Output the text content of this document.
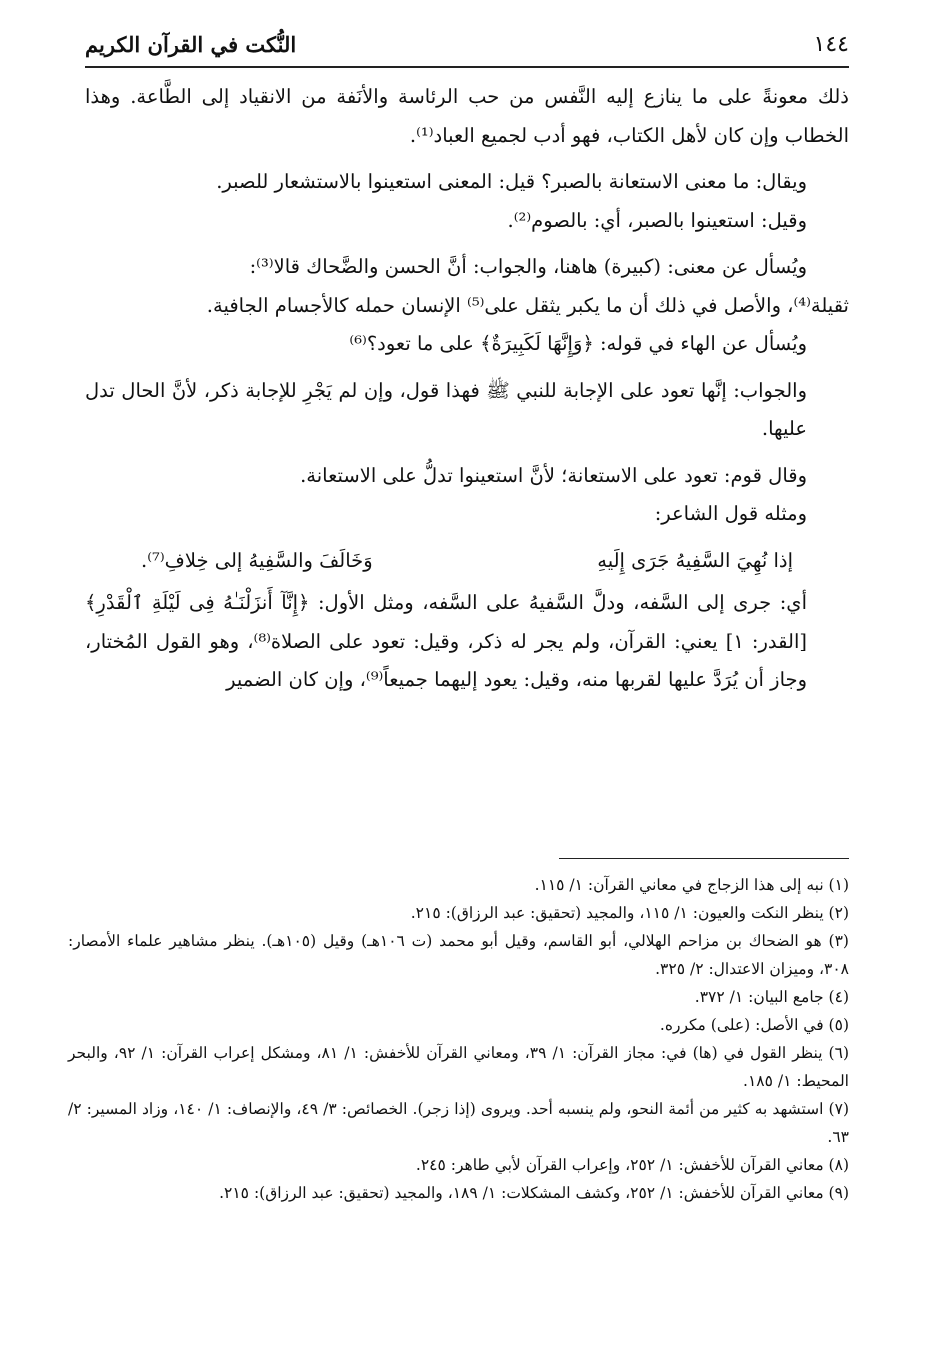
١٤٤
النُّكت في القرآن الكريم

ذلك معونةً على ما ينازع إليه النَّفس من حب الرئاسة والأنَفة من الانقياد إلى الطَّاعة. وهذا الخطاب وإن كان لأهل الكتاب، فهو أدب لجميع العباد⁽¹⁾.

ويقال: ما معنى الاستعانة بالصبر؟ قيل: المعنى استعينوا بالاستشعار للصبر.

وقيل: استعينوا بالصبر، أي: بالصوم⁽²⁾.

ويُسأل عن معنى: (كبيرة) هاهنا، والجواب: أنَّ الحسن والضَّحاك قالا⁽³⁾:

ثقيلة⁽⁴⁾، والأصل في ذلك أن ما يكبر يثقل على⁽⁵⁾ الإنسان حمله كالأجسام الجافية.

ويُسأل عن الهاء في قوله: ﴿وَإِنَّهَا لَكَبِيرَةٌ﴾ على ما تعود؟⁽⁶⁾

والجواب: إنَّها تعود على الإجابة للنبي ﷺ فهذا قول، وإن لم يَجْرِ للإجابة ذكر، لأنَّ الحال تدل عليها.

وقال قوم: تعود على الاستعانة؛ لأنَّ استعينوا تدلُّ على الاستعانة.

ومثله قول الشاعر:

إذا نُهِيَ السَّفِيهُ جَرَى إِلَيهِ
وَخَالَفَ والسَّفِيهُ إلى خِلافِ⁽⁷⁾.

أي: جرى إلى السَّفه، ودلَّ السَّفيهُ على السَّفه، ومثل الأول: ﴿إِنَّآ أَنزَلْنَـٰهُ فِى لَيْلَةِ ٱلْقَدْرِ﴾ [القدر: ١] يعني: القرآن، ولم يجر له ذكر، وقيل: تعود على الصلاة⁽⁸⁾، وهو القول المُختار، وجاز أن يُرَدَّ عليها لقربها منه، وقيل: يعود إليهما جميعاً⁽⁹⁾، وإن كان الضمير

(١) نبه إلى هذا الزجاج في معاني القرآن: ١/ ١١٥.

(٢) ينظر النكت والعيون: ١/ ١١٥، والمجيد (تحقيق: عبد الرزاق): ٢١٥.

(٣) هو الضحاك بن مزاحم الهلالي، أبو القاسم، وقيل أبو محمد (ت ١٠٦هـ) وقيل (١٠٥هـ). ينظر مشاهير علماء الأمصار: ٣٠٨، وميزان الاعتدال: ٢/ ٣٢٥.

(٤) جامع البيان: ١/ ٣٧٢.

(٥) في الأصل: (على) مكرره.

(٦) ينظر القول في (ها) في: مجاز القرآن: ١/ ٣٩، ومعاني القرآن للأخفش: ١/ ٨١، ومشكل إعراب القرآن: ١/ ٩٢، والبحر المحيط: ١/ ١٨٥.

(٧) استشهد به كثير من أئمة النحو، ولم ينسبه أحد. ويروى (إذا زجر). الخصائص: ٣/ ٤٩، والإنصاف: ١/ ١٤٠، وزاد المسير: ٢/ ٦٣.

(٨) معاني القرآن للأخفش: ١/ ٢٥٢، وإعراب القرآن لأبي طاهر: ٢٤٥.

(٩) معاني القرآن للأخفش: ١/ ٢٥٢، وكشف المشكلات: ١/ ١٨٩، والمجيد (تحقيق: عبد الرزاق): ٢١٥.
